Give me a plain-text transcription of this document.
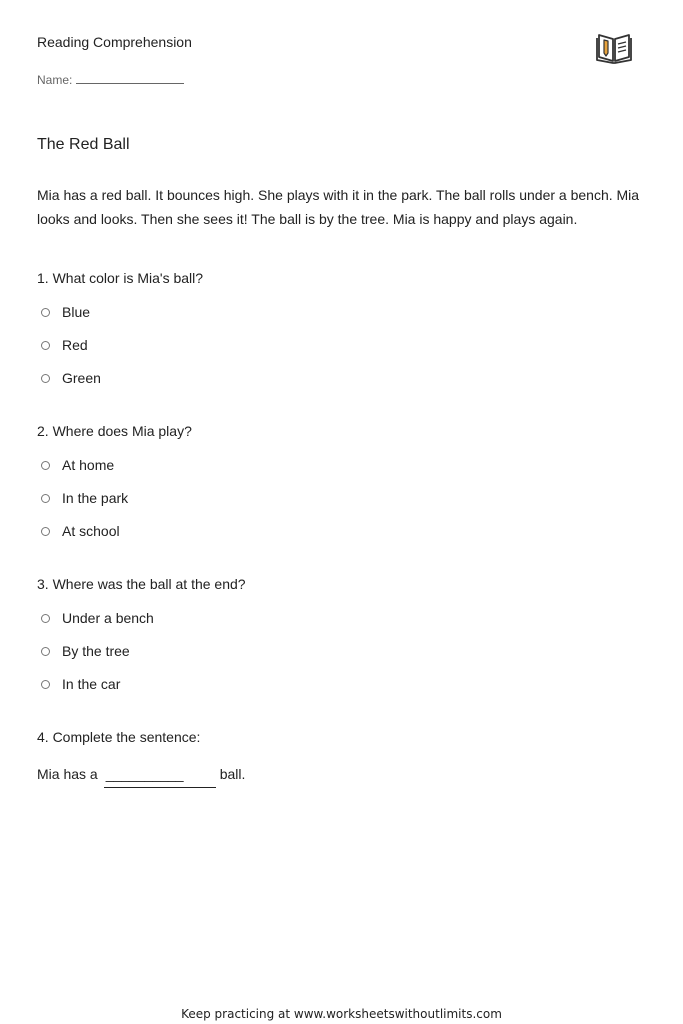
Reading Comprehension
Name:
The Red Ball
Mia has a red ball. It bounces high. She plays with it in the park. The ball rolls under a bench. Mia looks and looks. Then she sees it! The ball is by the tree. Mia is happy and plays again.
1. What color is Mia's ball?
Blue
Red
Green
2. Where does Mia play?
At home
In the park
At school
3. Where was the ball at the end?
Under a bench
By the tree
In the car
4. Complete the sentence:
Mia has a __________	ball.
Keep practicing at www.worksheetswithoutlimits.com
